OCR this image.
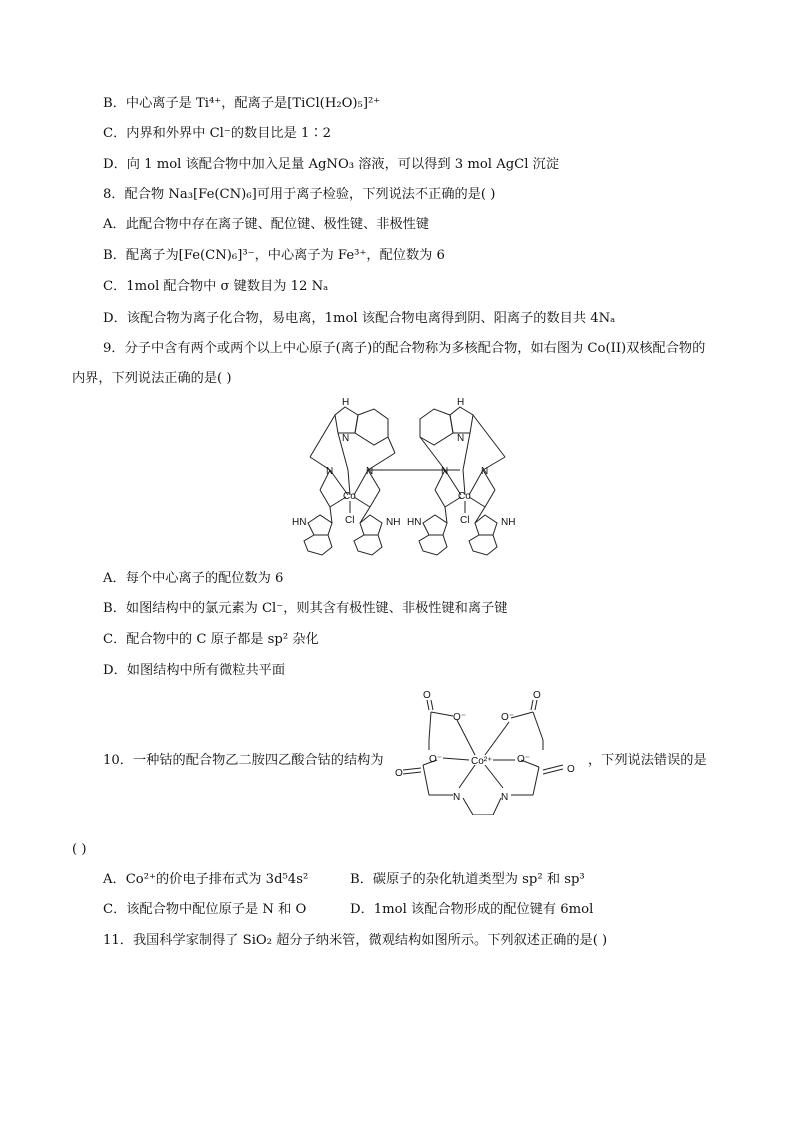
B．中心离子是 Ti⁴⁺，配离子是[TiCl(H₂O)₅]²⁺
C．内界和外界中 Cl⁻的数目比是 1∶2
D．向 1 mol 该配合物中加入足量 AgNO₃ 溶液，可以得到 3 mol AgCl 沉淀
8．配合物 Na₃[Fe(CN)₆]可用于离子检验，下列说法不正确的是( )
A．此配合物中存在离子键、配位键、极性键、非极性键
B．配离子为[Fe(CN)₆]³⁻，中心离子为 Fe³⁺，配位数为 6
C．1mol 配合物中 σ 键数目为 12 Nₐ
D．该配合物为离子化合物，易电离，1mol 该配合物电离得到阴、阳离子的数目共 4Nₐ
9．分子中含有两个或两个以上中心原子(离子)的配合物称为多核配合物，如右图为 Co(II)双核配合物的
内界，下列说法正确的是( )
H
N
N	N
Co
Cl
HN	NH
H
N
N	N
Co
Cl
HN	NH
A．每个中心离子的配位数为 6
B．如图结构中的氯元素为 Cl⁻，则其含有极性键、非极性键和离子键
C．配合物中的 C 原子都是 sp² 杂化
D．如图结构中所有微粒共平面
10．一种钴的配合物乙二胺四乙酸合钴的结构为
O
O⁻
O
O⁻
O⁻	Co²⁺ O⁻
O	O
N	N
，下列说法错误的是
( )
A．Co²⁺的价电子排布式为 3d⁵4s²	B．碳原子的杂化轨道类型为 sp² 和 sp³
C．该配合物中配位原子是 N 和 O	D．1mol 该配合物形成的配位键有 6mol
11．我国科学家制得了 SiO₂ 超分子纳米管，微观结构如图所示。下列叙述正确的是( )
